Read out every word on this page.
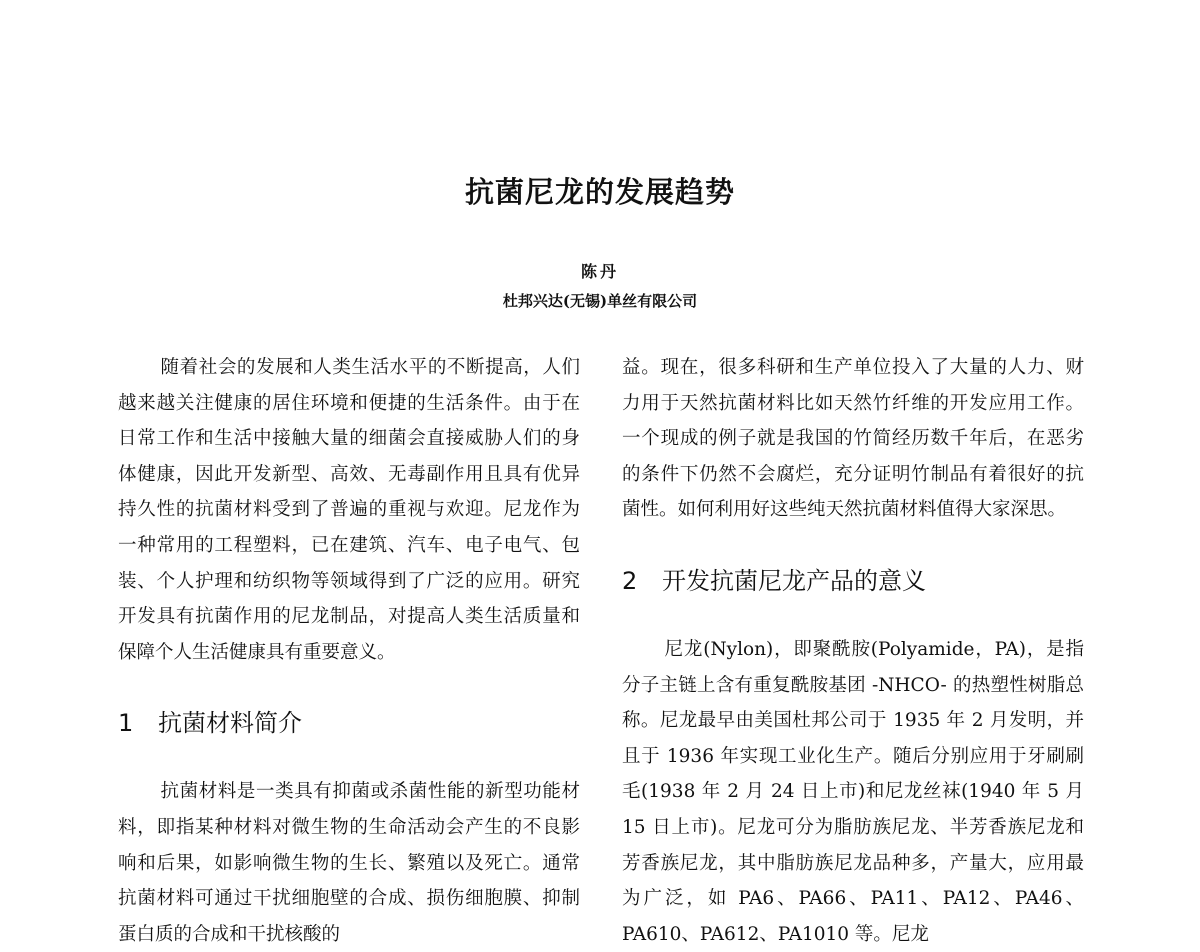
抗菌尼龙的发展趋势

陈丹

杜邦兴达(无锡)单丝有限公司

随着社会的发展和人类生活水平的不断提高，人们越来越关注健康的居住环境和便捷的生活条件。由于在日常工作和生活中接触大量的细菌会直接威胁人们的身体健康，因此开发新型、高效、无毒副作用且具有优异持久性的抗菌材料受到了普遍的重视与欢迎。尼龙作为一种常用的工程塑料，已在建筑、汽车、电子电气、包装、个人护理和纺织物等领域得到了广泛的应用。研究开发具有抗菌作用的尼龙制品，对提高人类生活质量和保障个人生活健康具有重要意义。

1 抗菌材料简介

抗菌材料是一类具有抑菌或杀菌性能的新型功能材料，即指某种材料对微生物的生命活动会产生的不良影响和后果，如影响微生物的生长、繁殖以及死亡。通常抗菌材料可通过干扰细胞壁的合成、损伤细胞膜、抑制蛋白质的合成和干扰核酸的

益。现在，很多科研和生产单位投入了大量的人力、财力用于天然抗菌材料比如天然竹纤维的开发应用工作。一个现成的例子就是我国的竹简经历数千年后，在恶劣的条件下仍然不会腐烂，充分证明竹制品有着很好的抗菌性。如何利用好这些纯天然抗菌材料值得大家深思。

2 开发抗菌尼龙产品的意义

尼龙(Nylon)，即聚酰胺(Polyamide，PA)，是指分子主链上含有重复酰胺基团 -NHCO- 的热塑性树脂总称。尼龙最早由美国杜邦公司于 1935 年 2 月发明，并且于 1936 年实现工业化生产。随后分别应用于牙刷刷毛(1938 年 2 月 24 日上市)和尼龙丝袜(1940 年 5 月 15 日上市)。尼龙可分为脂肪族尼龙、半芳香族尼龙和芳香族尼龙，其中脂肪族尼龙品种多，产量大，应用最为广泛，如 PA6、PA66、PA11、PA12、PA46、PA610、PA612、PA1010 等。尼龙
